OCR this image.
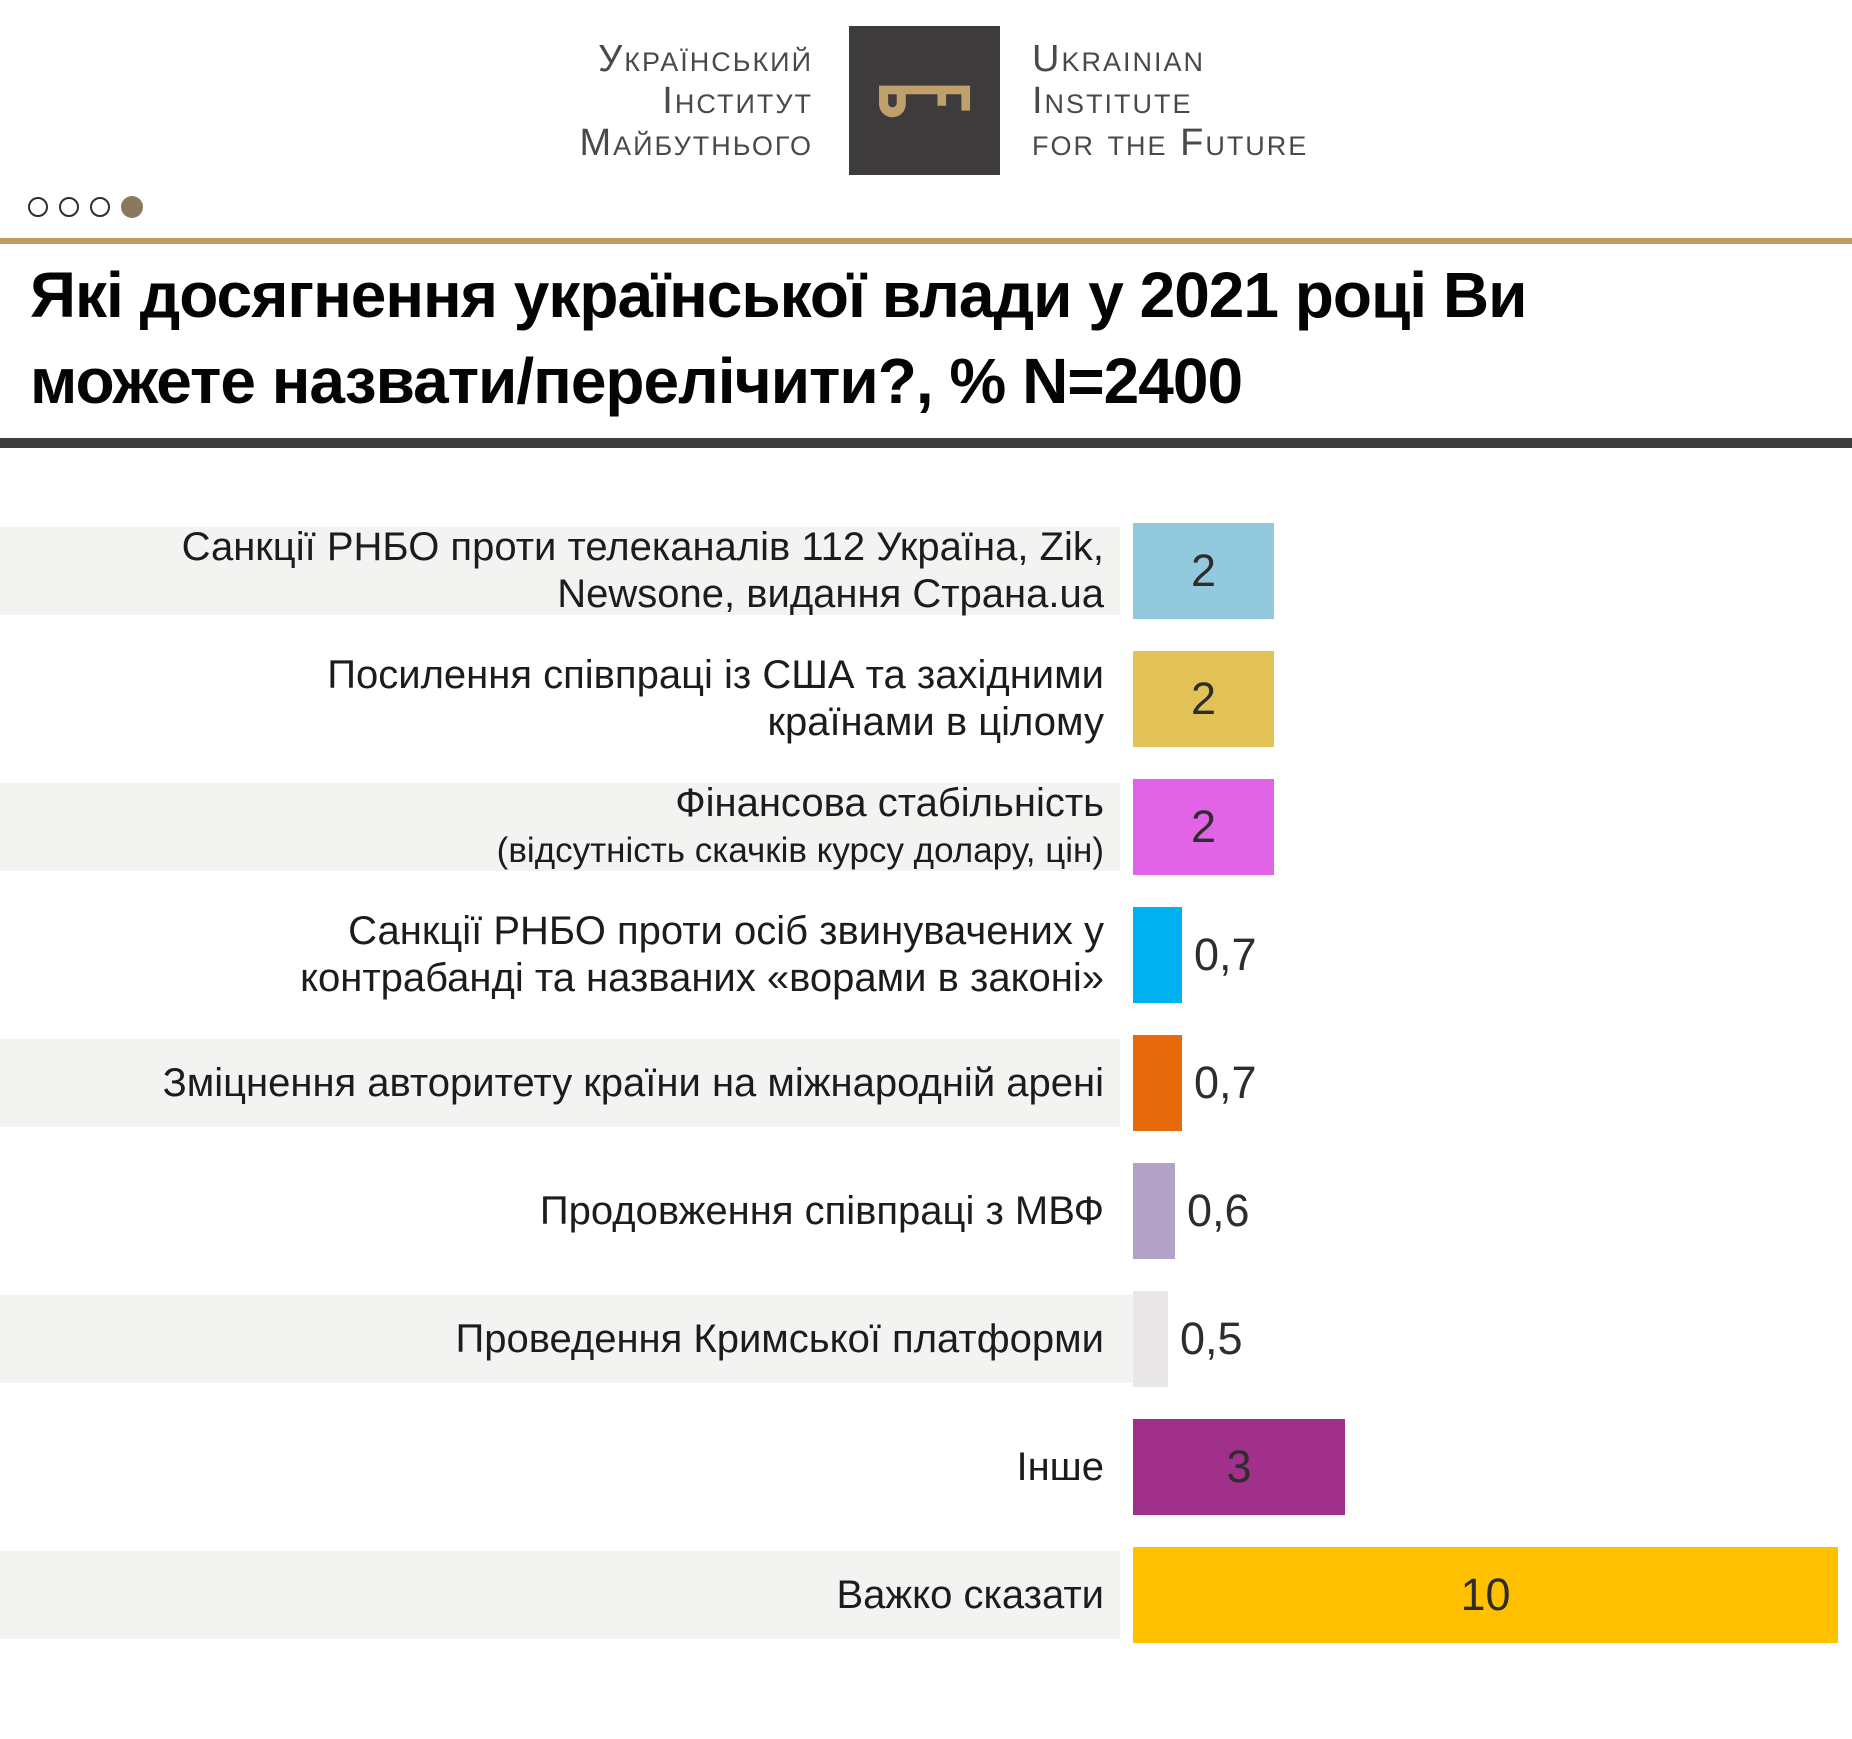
Український
Інститут
Майбутнього
Ukrainian
Institute
for the Future
Які досягнення української влади у 2021 році Ви
можете назвати/перелічити?, % N=2400
Санкції РНБО проти телеканалів 112 Україна, Zik,
Newsone, видання Страна.ua 2
Посилення співпраці із США та західними
країнами в цілому 2
Фінансова стабільність
(відсутність скачків курсу долару, цін) 2
Санкції РНБО проти осіб звинувачених у
контрабанді та названих «ворами в законі» 0,7
Зміцнення авторитету країни на міжнародній арені 0,7
Продовження співпраці з МВФ 0,6
Проведення Кримської платформи 0,5
Інше	3
Важко сказати	10
